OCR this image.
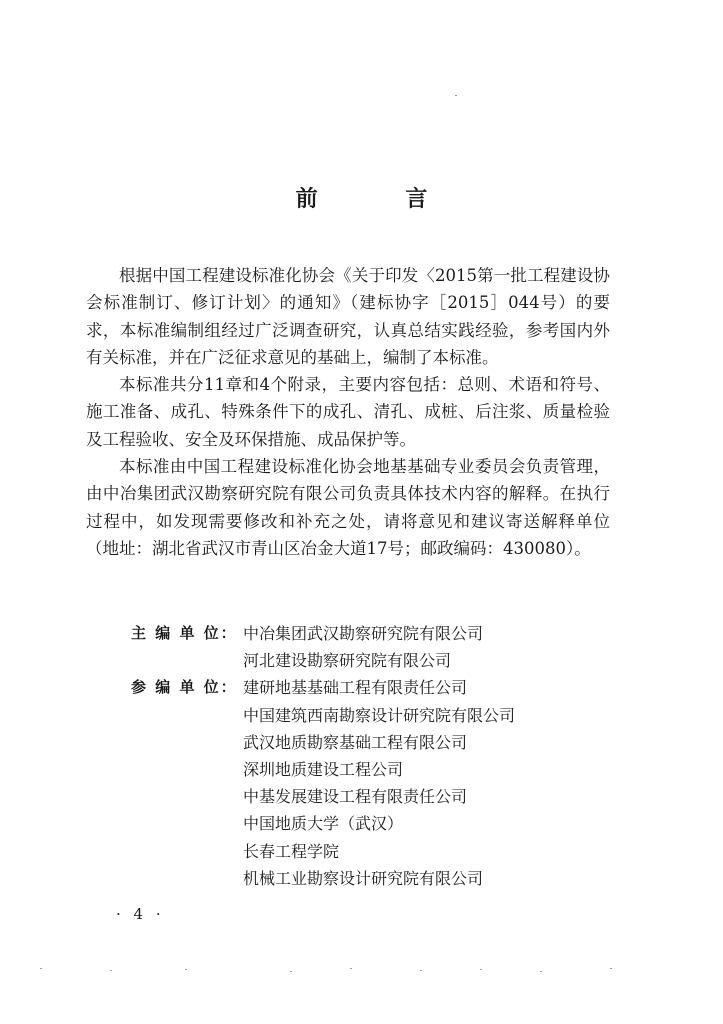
前 言

根据中国工程建设标准化协会《关于印发〈2015第一批工程建设协会标准制订、修订计划〉的通知》（建标协字［2015］044号）的要求，本标准编制组经过广泛调查研究，认真总结实践经验，参考国内外有关标准，并在广泛征求意见的基础上，编制了本标准。

本标准共分11章和4个附录，主要内容包括：总则、术语和符号、施工准备、成孔、特殊条件下的成孔、清孔、成桩、后注浆、质量检验及工程验收、安全及环保措施、成品保护等。

本标准由中国工程建设标准化协会地基基础专业委员会负责管理，由中冶集团武汉勘察研究院有限公司负责具体技术内容的解释。在执行过程中，如发现需要修改和补充之处，请将意见和建议寄送解释单位（地址：湖北省武汉市青山区冶金大道17号；邮政编码：430080）。

主 编 单 位： 中冶集团武汉勘察研究院有限公司
河北建设勘察研究院有限公司
参 编 单 位： 建研地基基础工程有限责任公司
中国建筑西南勘察设计研究院有限公司
武汉地质勘察基础工程有限公司
深圳地质建设工程公司
中基发展建设工程有限责任公司
中国地质大学（武汉）
长春工程学院
机械工业勘察设计研究院有限公司
· 4 ·
